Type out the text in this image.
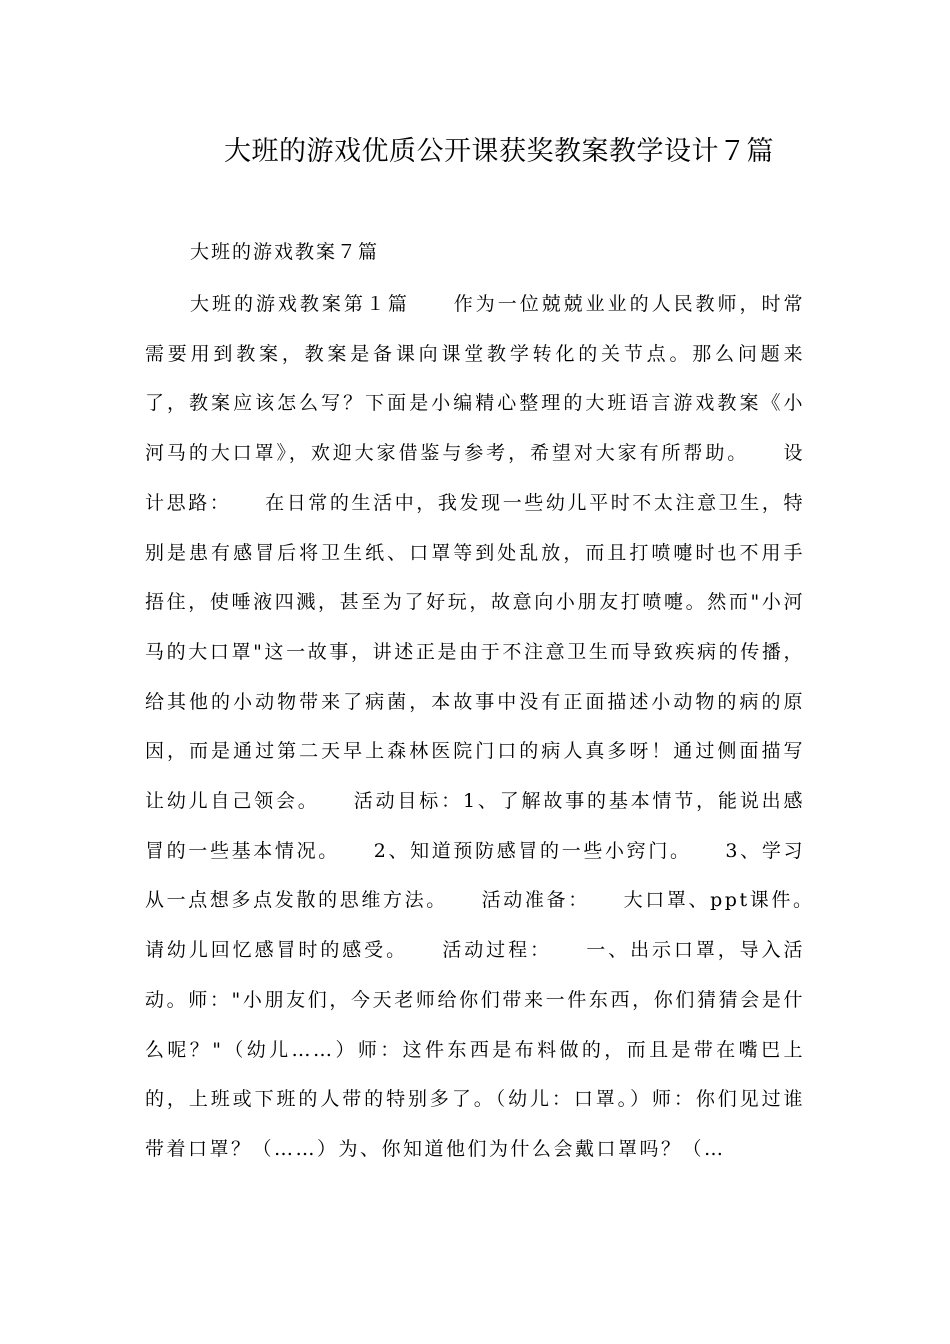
大班的游戏优质公开课获奖教案教学设计７篇
大班的游戏教案７篇

大班的游戏教案第１篇　　作为一位兢兢业业的人民教师，时常需要用到教案，教案是备课向课堂教学转化的关节点。那么问题来了，教案应该怎么写？下面是小编精心整理的大班语言游戏教案《小河马的大口罩》，欢迎大家借鉴与参考，希望对大家有所帮助。　　设计思路：　　在日常的生活中，我发现一些幼儿平时不太注意卫生，特别是患有感冒后将卫生纸、口罩等到处乱放，而且打喷嚏时也不用手捂住，使唾液四溅，甚至为了好玩，故意向小朋友打喷嚏。然而"小河马的大口罩"这一故事，讲述正是由于不注意卫生而导致疾病的传播，给其他的小动物带来了病菌，本故事中没有正面描述小动物的病的原因，而是通过第二天早上森林医院门口的病人真多呀！通过侧面描写让幼儿自己领会。　　活动目标：1、了解故事的基本情节，能说出感冒的一些基本情况。　　2、知道预防感冒的一些小窍门。　　3、学习从一点想多点发散的思维方法。　　活动准备：　　大口罩、ppt课件。　　请幼儿回忆感冒时的感受。　　活动过程：　　一、出示口罩，导入活动。师："小朋友们，今天老师给你们带来一件东西，你们猜猜会是什么呢？"（幼儿……）师：这件东西是布料做的，而且是带在嘴巴上的，上班或下班的人带的特别多了。（幼儿：口罩。）师：你们见过谁带着口罩？（……）为、你知道他们为什么会戴口罩吗？（…
